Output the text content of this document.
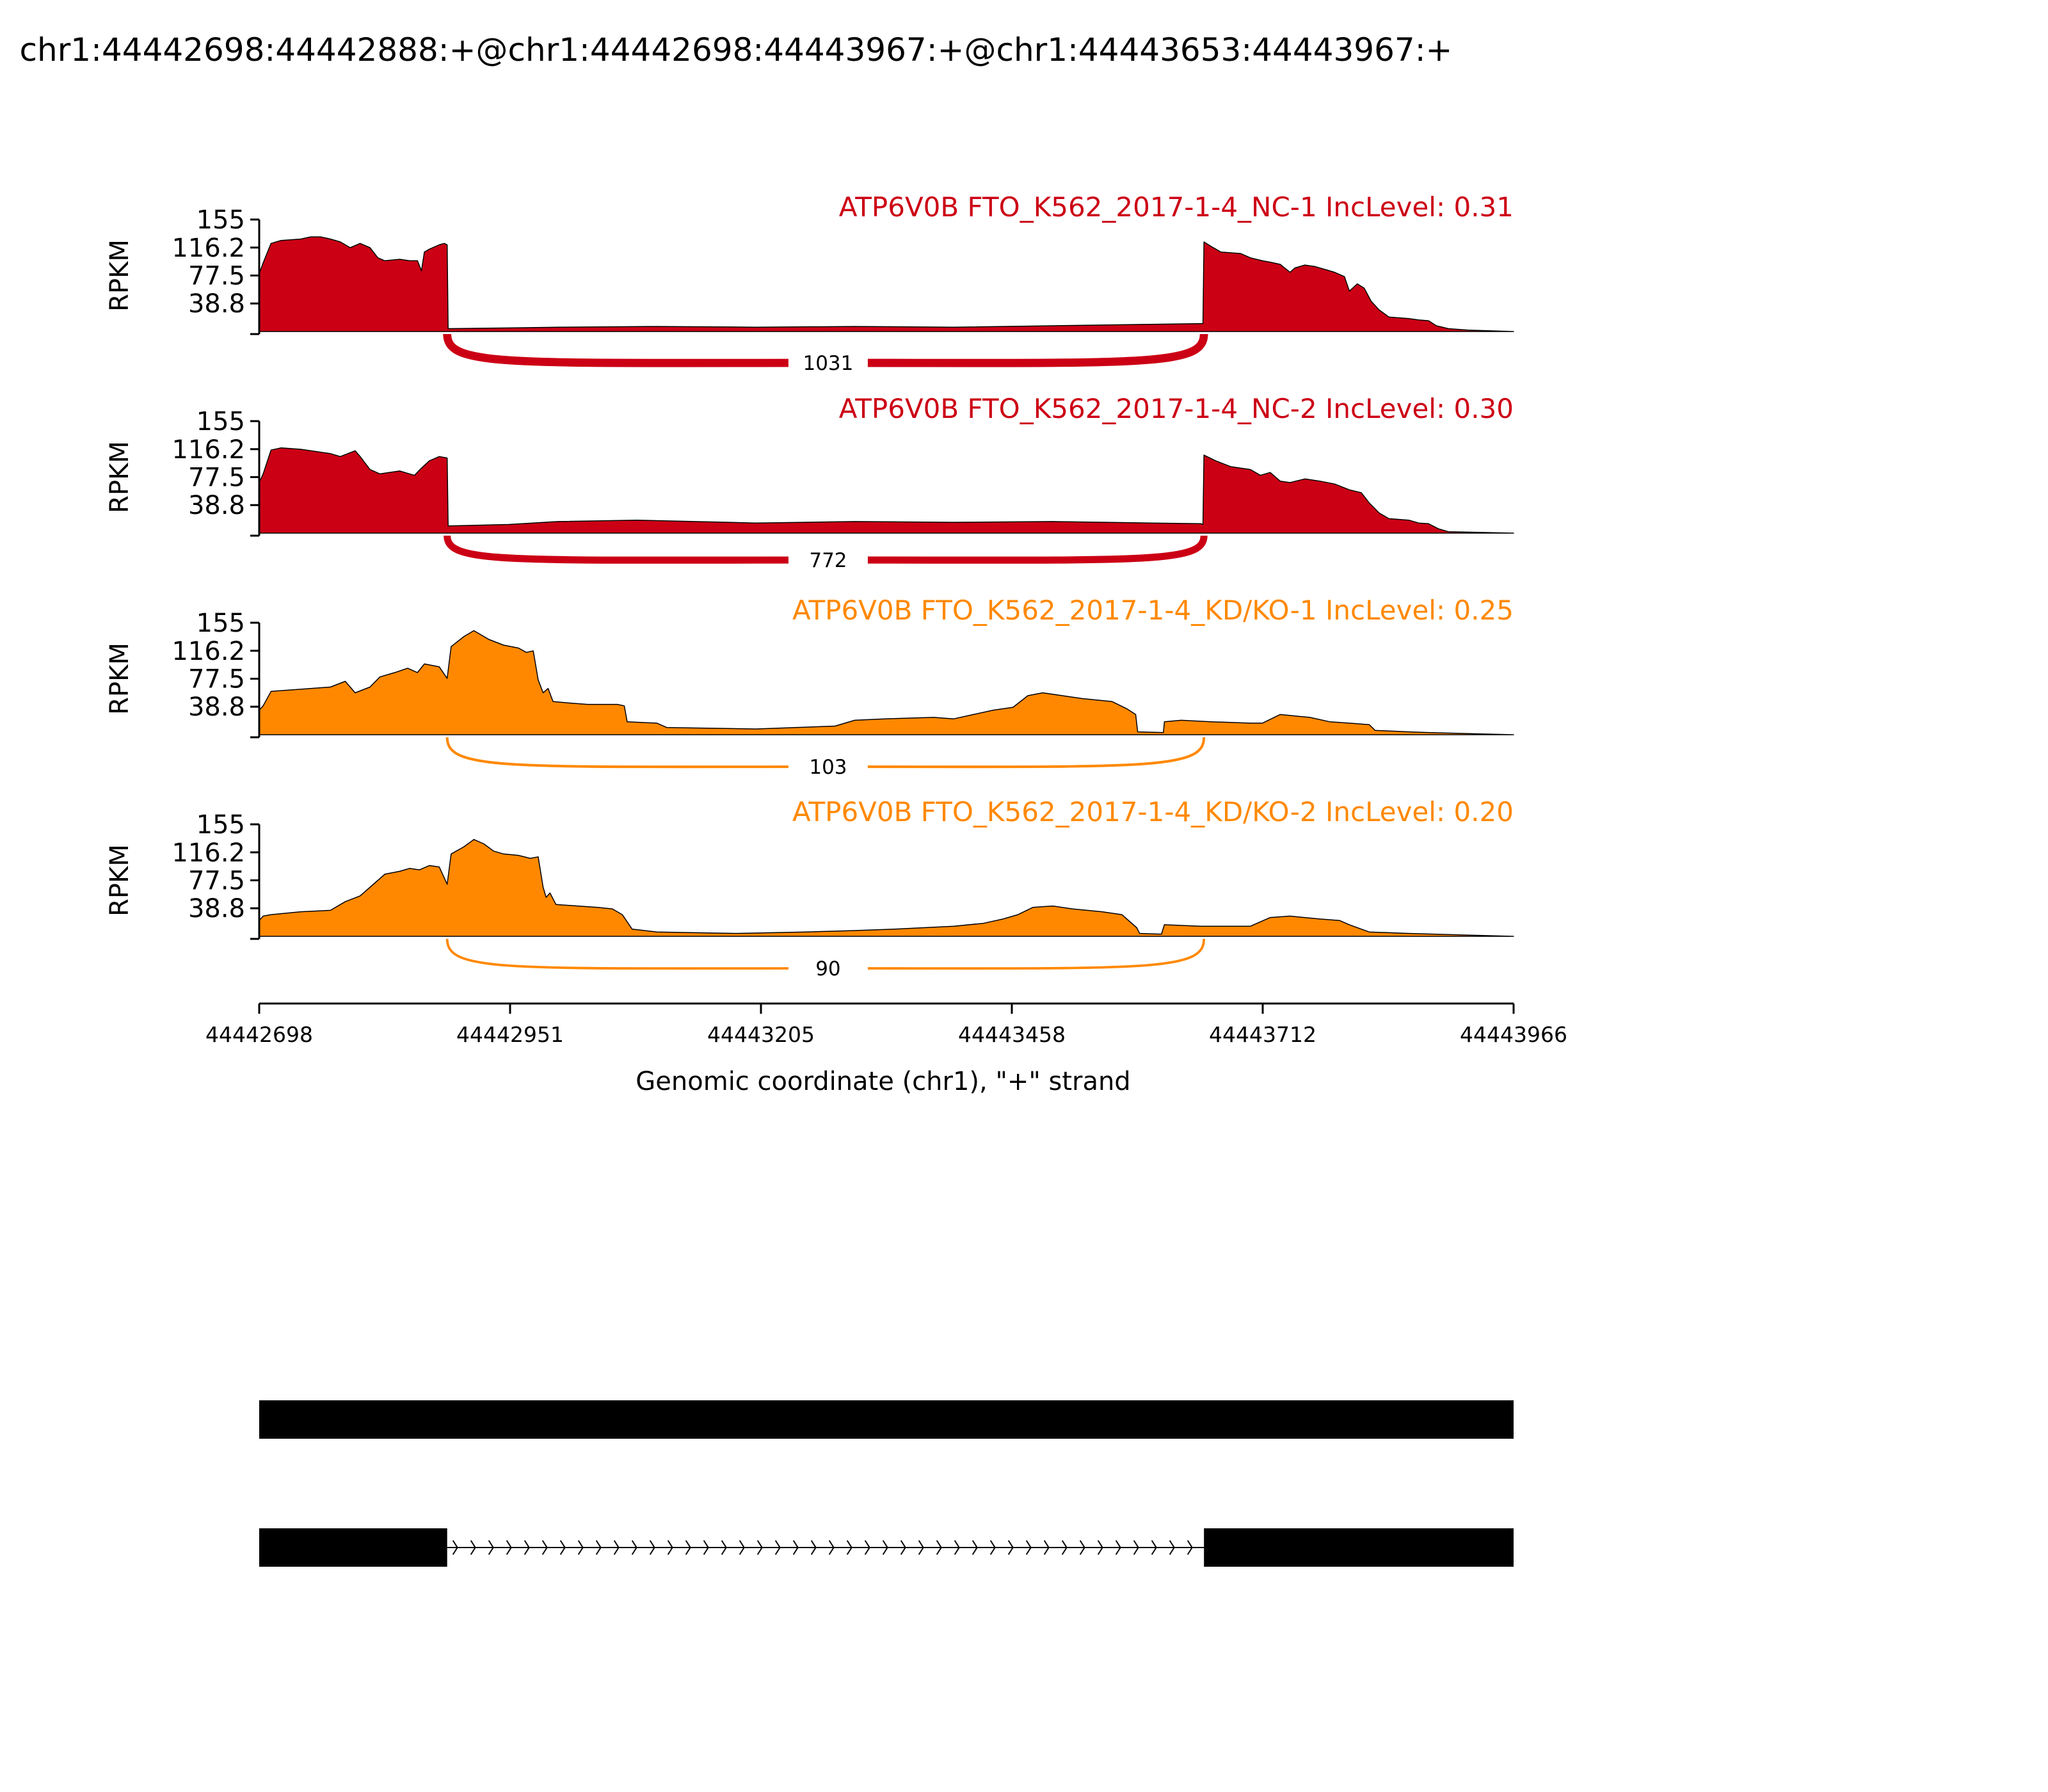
chr1:44442698:44442888:+@chr1:44442698:44443967:+@chr1:44443653:44443967:+
155
116.2
77.5
38.8
RPKM
ATP6V0B FTO_K562_2017-1-4_NC-1 IncLevel: 0.31
1031
155
116.2
77.5
38.8
RPKM
ATP6V0B FTO_K562_2017-1-4_NC-2 IncLevel: 0.30
772
155
116.2
77.5
38.8
RPKM
ATP6V0B FTO_K562_2017-1-4_KD/KO-1 IncLevel: 0.25
103
155
116.2
77.5
38.8
RPKM
ATP6V0B FTO_K562_2017-1-4_KD/KO-2 IncLevel: 0.20
90
44442698	44442951	44443205	44443458	44443712	44443966
Genomic coordinate (chr1), "+" strand
